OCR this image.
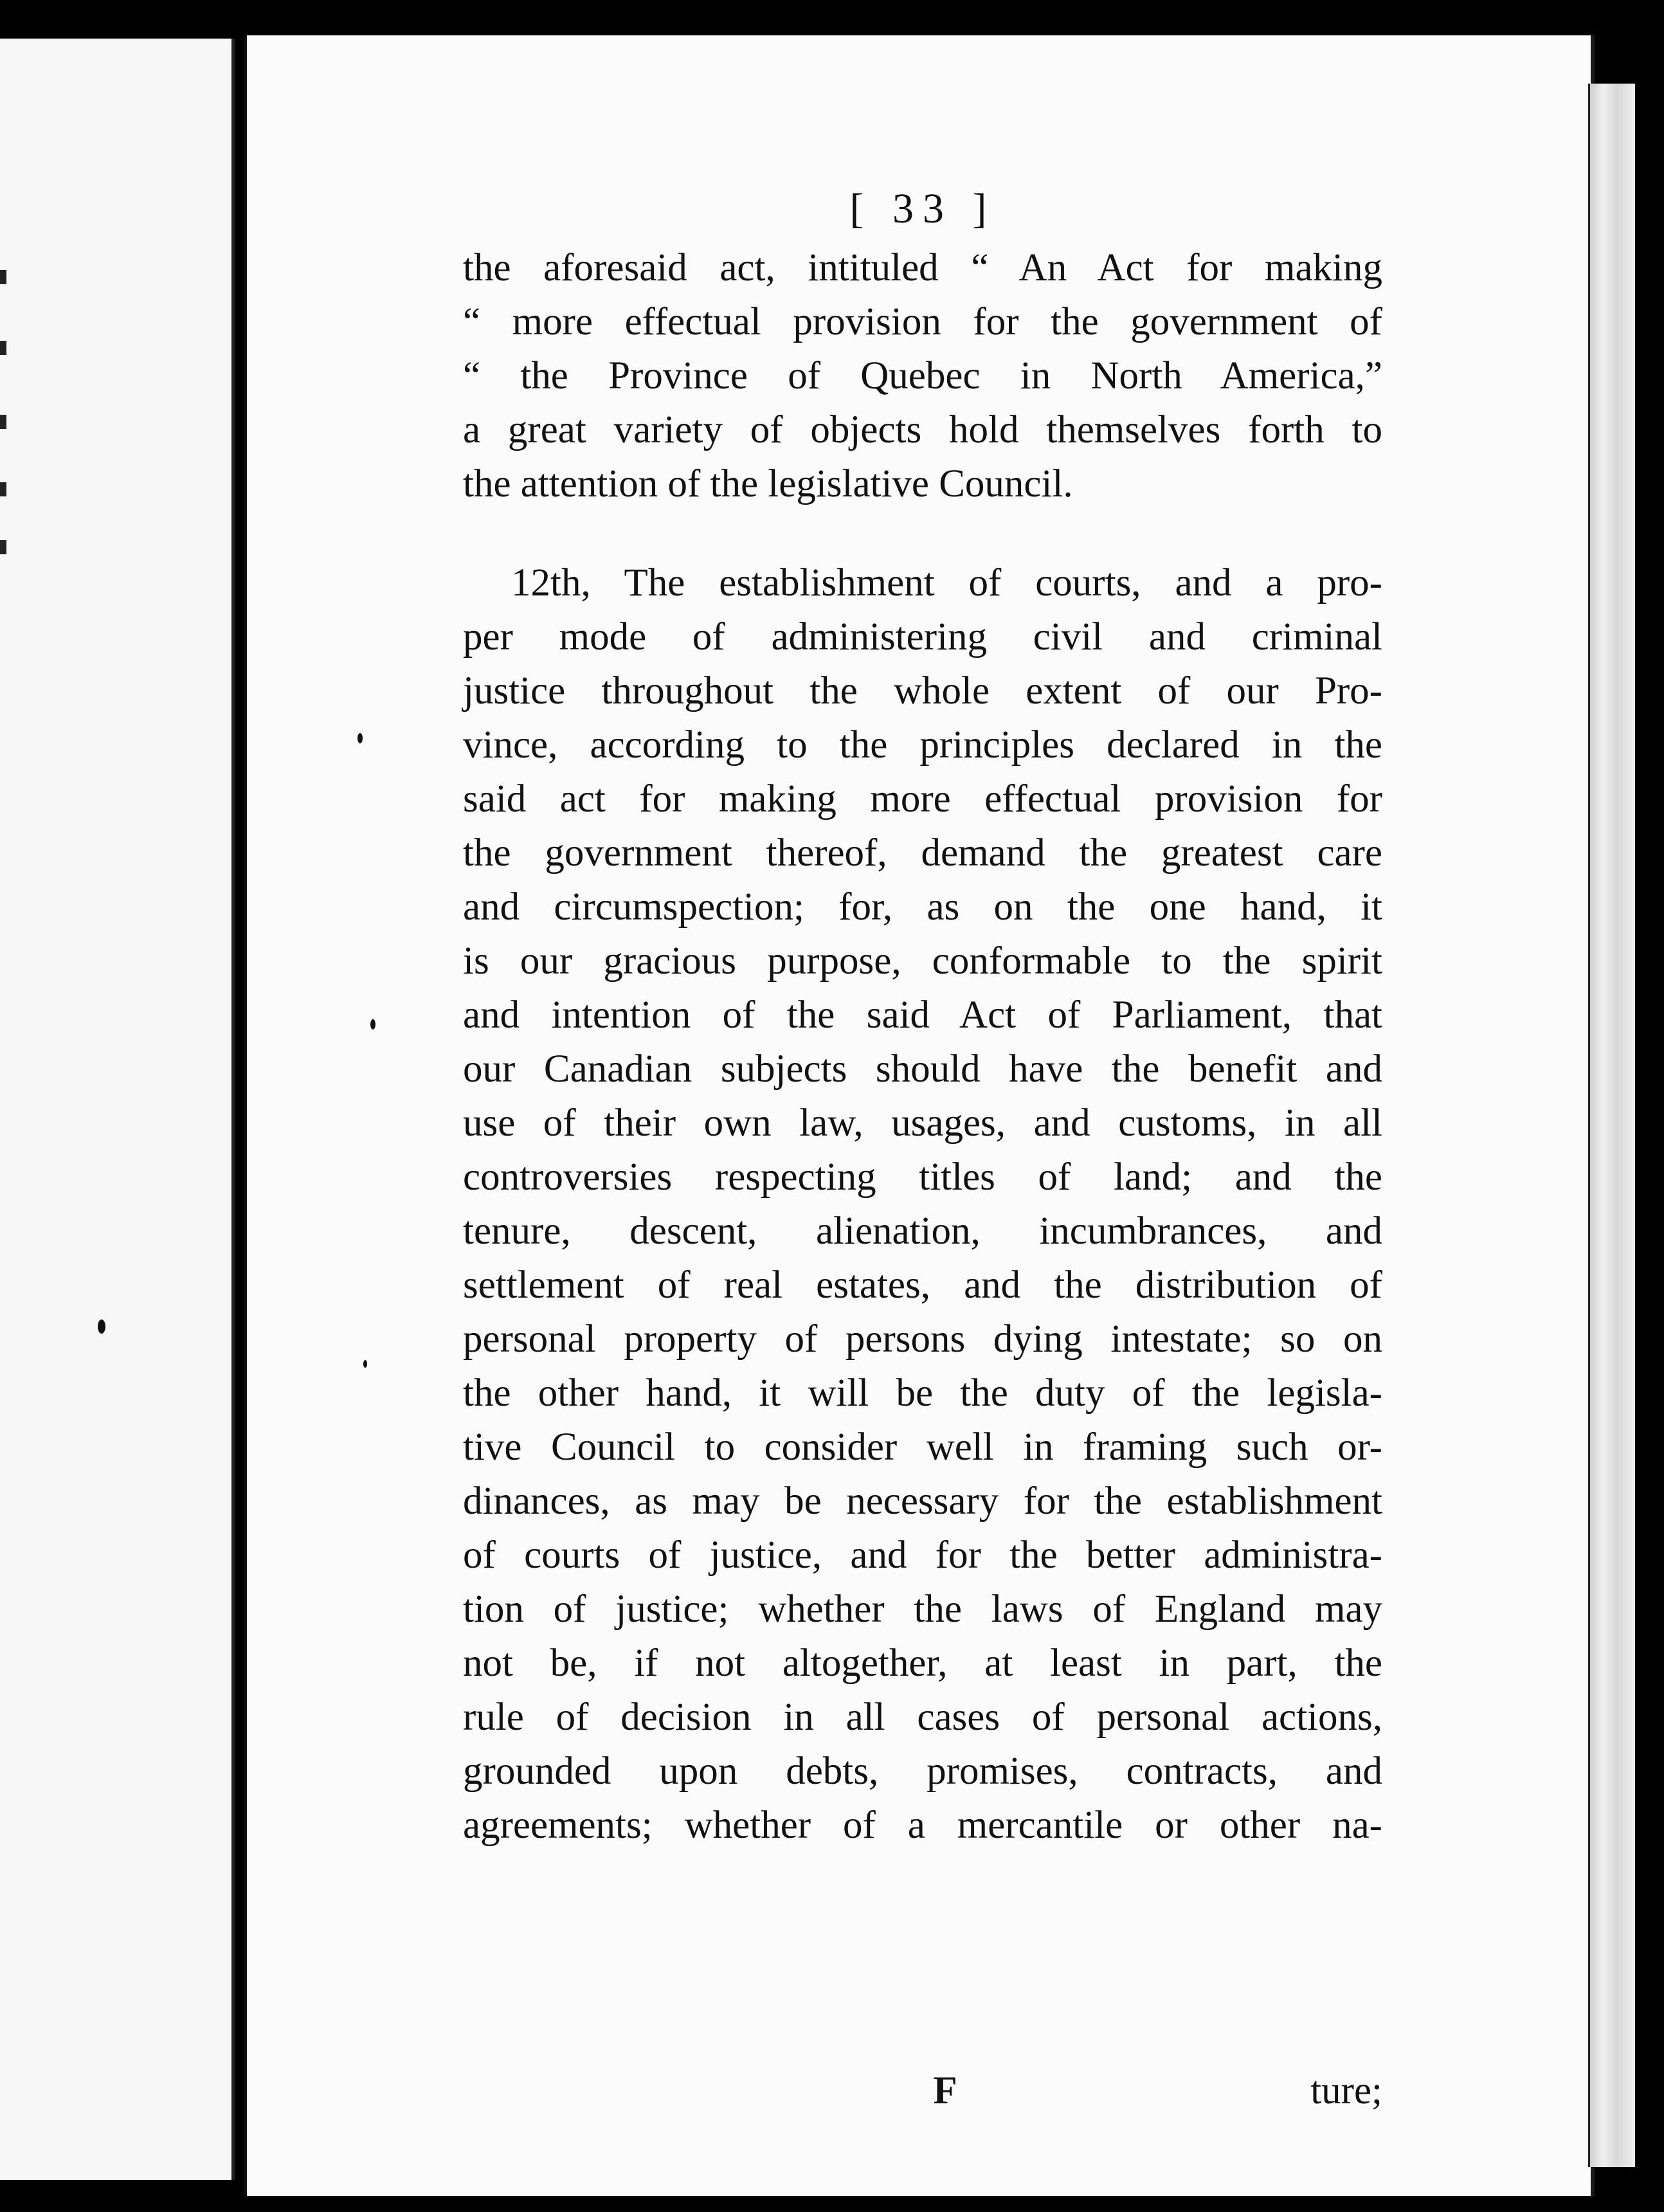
[ 33 ]
the aforesaid act, intituled “ An Act for making
“ more effectual provision for the government of
“ the Province of Quebec in North America,”
a great variety of objects hold themselves forth to
the attention of the legislative Council.
12th, The establishment of courts, and a pro-
per mode of administering civil and criminal
justice throughout the whole extent of our Pro-
vince, according to the principles declared in the
said act for making more effectual provision for
the government thereof, demand the greatest care
and circumspection; for, as on the one hand, it
is our gracious purpose, conformable to the spirit
and intention of the said Act of Parliament, that
our Canadian subjects should have the benefit and
use of their own law, usages, and customs, in all
controversies respecting titles of land; and the
tenure, descent, alienation, incumbrances, and
settlement of real estates, and the distribution of
personal property of persons dying intestate; so on
the other hand, it will be the duty of the legisla-
tive Council to consider well in framing such or-
dinances, as may be necessary for the establishment
of courts of justice, and for the better administra-
tion of justice; whether the laws of England may
not be, if not altogether, at least in part, the
rule of decision in all cases of personal actions,
grounded upon debts, promises, contracts, and
agreements; whether of a mercantile or other na-
F	ture;
